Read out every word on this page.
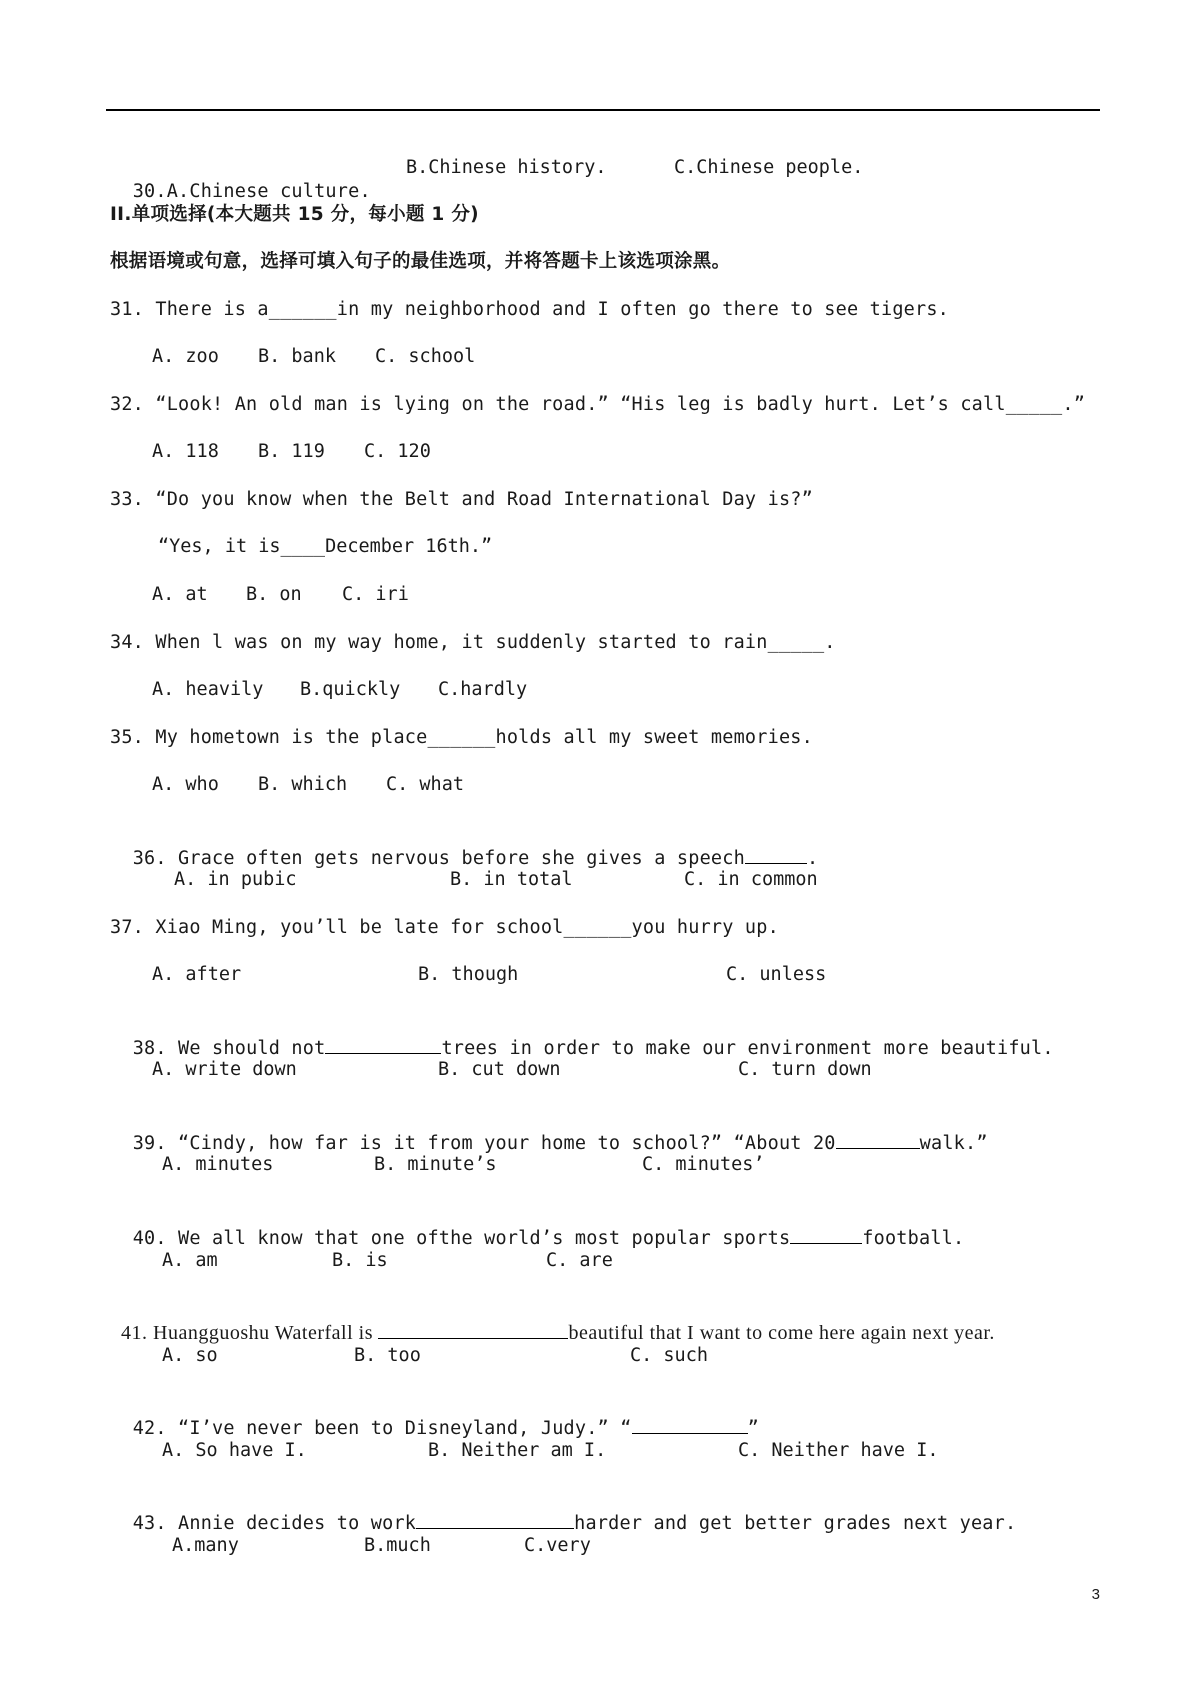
30.A.Chinese culture.

B.Chinese history.	C.Chinese people.
II.单项选择(本大题共 15 分，每小题 1 分)
根据语境或句意，选择可填入句子的最佳选项，并将答题卡上该选项涂黑。
31. There is a______in my neighborhood and I often go there to see tigers.
A. zoo B. bank C. school
32. “Look! An old man is lying on the road.” “His leg is badly hurt. Let’s call_____.”
A. 118 B. 119 C. 120
33. “Do you know when the Belt and Road International Day is?”
“Yes, it is____December 16th.”
A. at B. on C. iri
34. When l was on my way home, it suddenly started to rain_____.
A. heavily B.quickly C.hardly
35. My hometown is the place______holds all my sweet memories.
A. who B. which C. what

36. Grace often gets nervous before she gives a speech	.

A. in pubic	B. in total	C. in common
37. Xiao Ming, you’ll be late for school______you hurry up.
A. after	B. though	C. unless

38. We should not	trees in order to make our environment more beautiful.

A. write down	B. cut down	C. turn down

39. “Cindy, how far is it from your home to school?” “About 20	walk.”

A. minutes	B. minute’s	C. minutes’

40. We all know that one ofthe world’s most popular sports	football.

A. am	B. is	C. are

41. Huangguoshu Waterfall is	beautiful that I want to come here again next year.

A. so	B. too	C. such

42. “I’ve never been to Disneyland, Judy.” “	”

A. So have I.	B. Neither am I.	C. Neither have I.

43. Annie decides to work	harder and get better grades next year.

A.many	B.much	C.very
3
